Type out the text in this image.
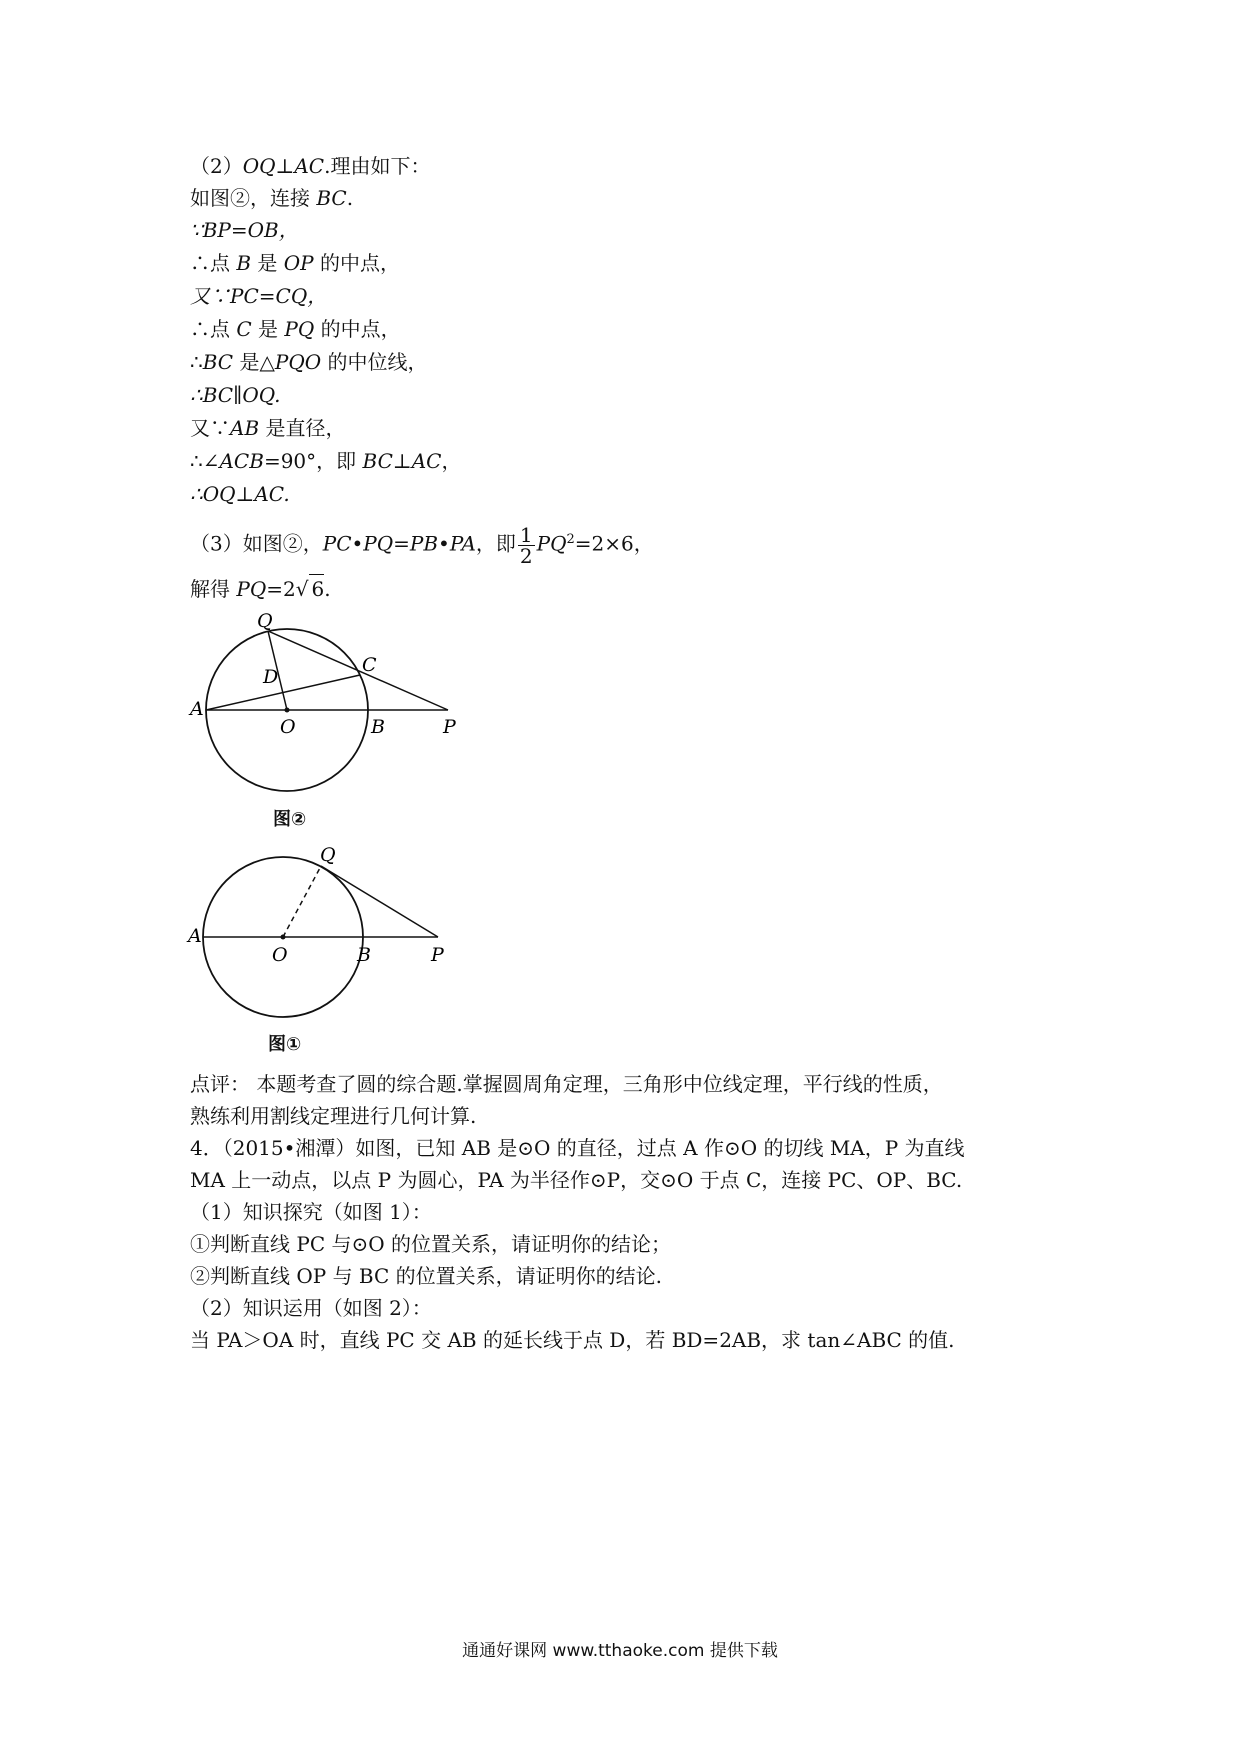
（2）OQ⊥AC.理由如下：
如图②，连接 BC.
∵BP=OB，
∴点 B 是 OP 的中点，
又∵PC=CQ，
∴点 C 是 PQ 的中点，
∴BC 是△PQO 的中位线，
∴BC∥OQ.
又∵AB 是直径，
∴∠ACB=90°，即 BC⊥AC，
∴OQ⊥AC.
（3）如图②，PC•PQ=PB•PA，即 $\frac{1}{2} PQ^2=2\times 6$，
解得 PQ=2√ 6.
Q
C
D
A
O	B	P
图②
Q
A
O	B	P
图①
点评： 本题考查了圆的综合题.掌握圆周角定理，三角形中位线定理，平行线的性质，
熟练利用割线定理进行几何计算.
4．（2015•湘潭）如图，已知 AB 是⊙O 的直径，过点 A 作⊙O 的切线 MA，P 为直线
MA 上一动点，以点 P 为圆心，PA 为半径作⊙P，交⊙O 于点 C，连接 PC、OP、BC.
（1）知识探究（如图 1）：
①判断直线 PC 与⊙O 的位置关系，请证明你的结论；
②判断直线 OP 与 BC 的位置关系，请证明你的结论.
（2）知识运用（如图 2）：
当 PA＞OA 时，直线 PC 交 AB 的延长线于点 D，若 BD=2AB，求 tan∠ABC 的值.
通通好课网 www.tthaoke.com 提供下载
